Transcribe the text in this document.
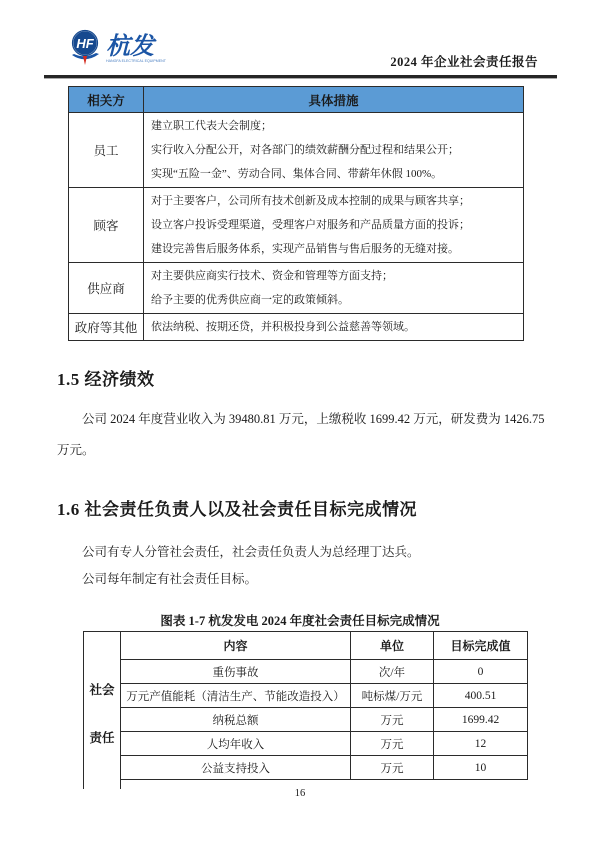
HF 杭发
HANGFA ELECTRICAL EQUIPMENT	2024 年企业社会责任报告
相关方	具体措施
员工	建立职工代表大会制度；
实行收入分配公开，对各部门的绩效薪酬分配过程和结果公开；
实现“五险一金”、劳动合同、集体合同、带薪年休假 100%。

顾客	对于主要客户，公司所有技术创新及成本控制的成果与顾客共享；
设立客户投诉受理渠道，受理客户对服务和产品质量方面的投诉；
建设完善售后服务体系，实现产品销售与售后服务的无缝对接。

供应商	对主要供应商实行技术、资金和管理等方面支持；
给予主要的优秀供应商一定的政策倾斜。

政府等其他	依法纳税、按期还贷，并积极投身到公益慈善等领域。
1.5 经济绩效
公司 2024 年度营业收入为 39480.81 万元，上缴税收 1699.42 万元，研发费为 1426.75
万元。
1.6 社会责任负责人以及社会责任目标完成情况
公司有专人分管社会责任，社会责任负责人为总经理丁达兵。
公司每年制定有社会责任目标。
图表 1-7 杭发发电 2024 年度社会责任目标完成情况
社会
责任	内容	单位	目标完成值
	重伤事故	次/年	0
	万元产值能耗（清洁生产、节能改造投入）	吨标煤/万元	400.51
	纳税总额	万元	1699.42
	人均年收入	万元	12
	公益支持投入	万元	10
16
